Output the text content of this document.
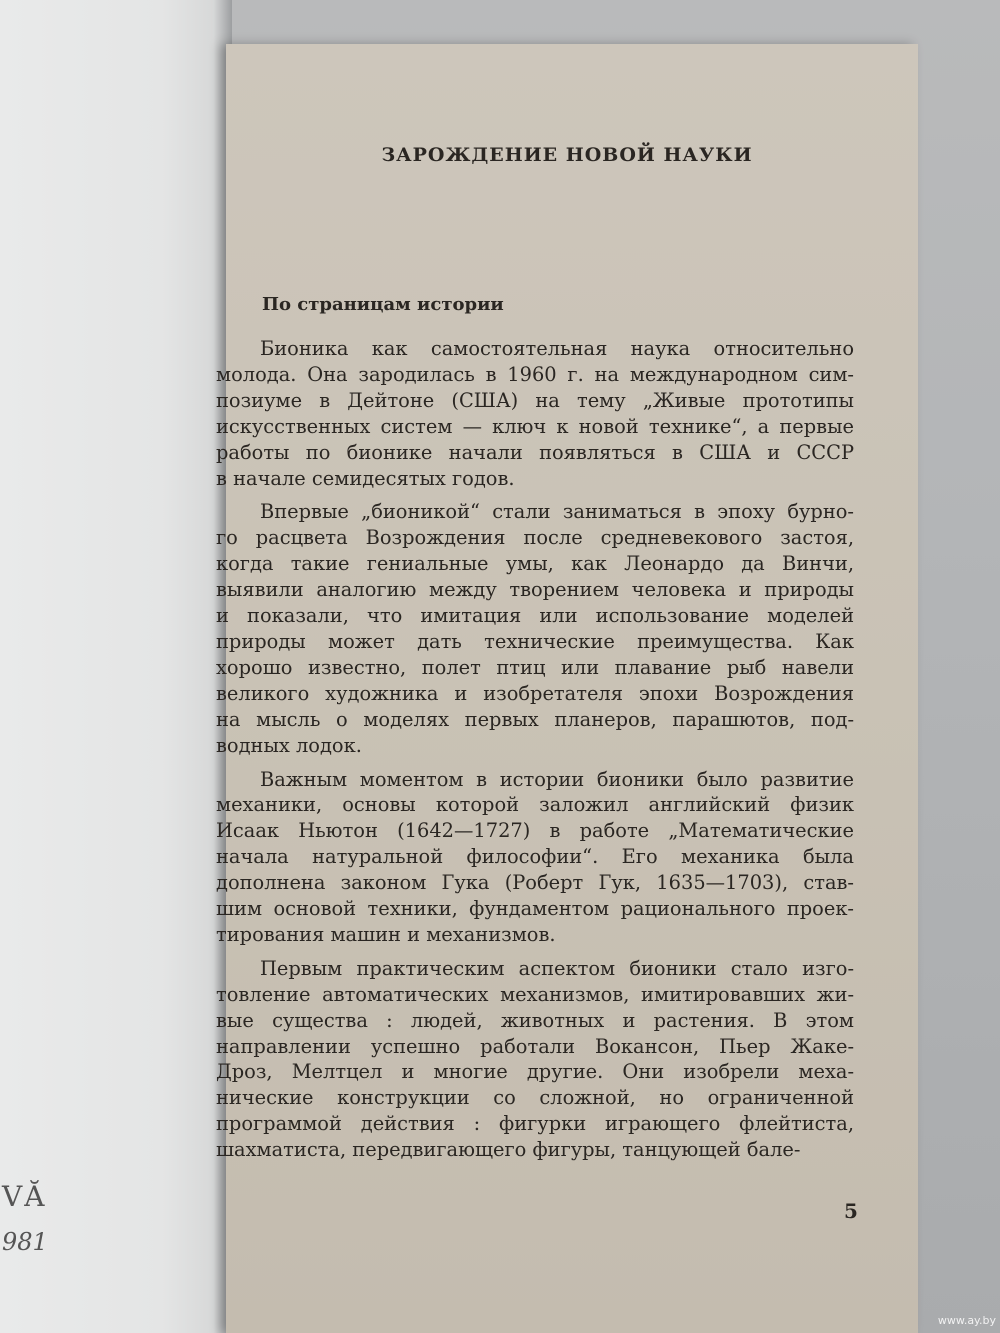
VĂ
981
ЗАРОЖДЕНИЕ НОВОЙ НАУКИ
По страницам истории
Бионика как самостоятельная наука относительно
молода. Она зародилась в 1960 г. на международном сим-
позиуме в Дейтоне (США) на тему „Живые прототипы
искусственных систем — ключ к новой технике“, а первые
работы по бионике начали появляться в США и СССР
в начале семидесятых годов.
Впервые „бионикой“ стали заниматься в эпоху бурно-
го расцвета Возрождения после средневекового застоя,
когда такие гениальные умы, как Леонардо да Винчи,
выявили аналогию между творением человека и природы
и показали, что имитация или использование моделей
природы может дать технические преимущества. Как
хорошо известно, полет птиц или плавание рыб навели
великого художника и изобретателя эпохи Возрождения
на мысль о моделях первых планеров, парашютов, под-
водных лодок.
Важным моментом в истории бионики было развитие
механики, основы которой заложил английский физик
Исаак Ньютон (1642—1727) в работе „Математические
начала натуральной философии“. Его механика была
дополнена законом Гука (Роберт Гук, 1635—1703), став-
шим основой техники, фундаментом рационального проек-
тирования машин и механизмов.
Первым практическим аспектом бионики стало изго-
товление автоматических механизмов, имитировавших жи-
вые существа : людей, животных и растения. В этом
направлении успешно работали Вокансон, Пьер Жаке-
Дроз, Мелтцел и многие другие. Они изобрели меха-
нические конструкции со сложной, но ограниченной
программой действия : фигурки играющего флейтиста,
шахматиста, передвигающего фигуры, танцующей бале-
5
www.ay.by
